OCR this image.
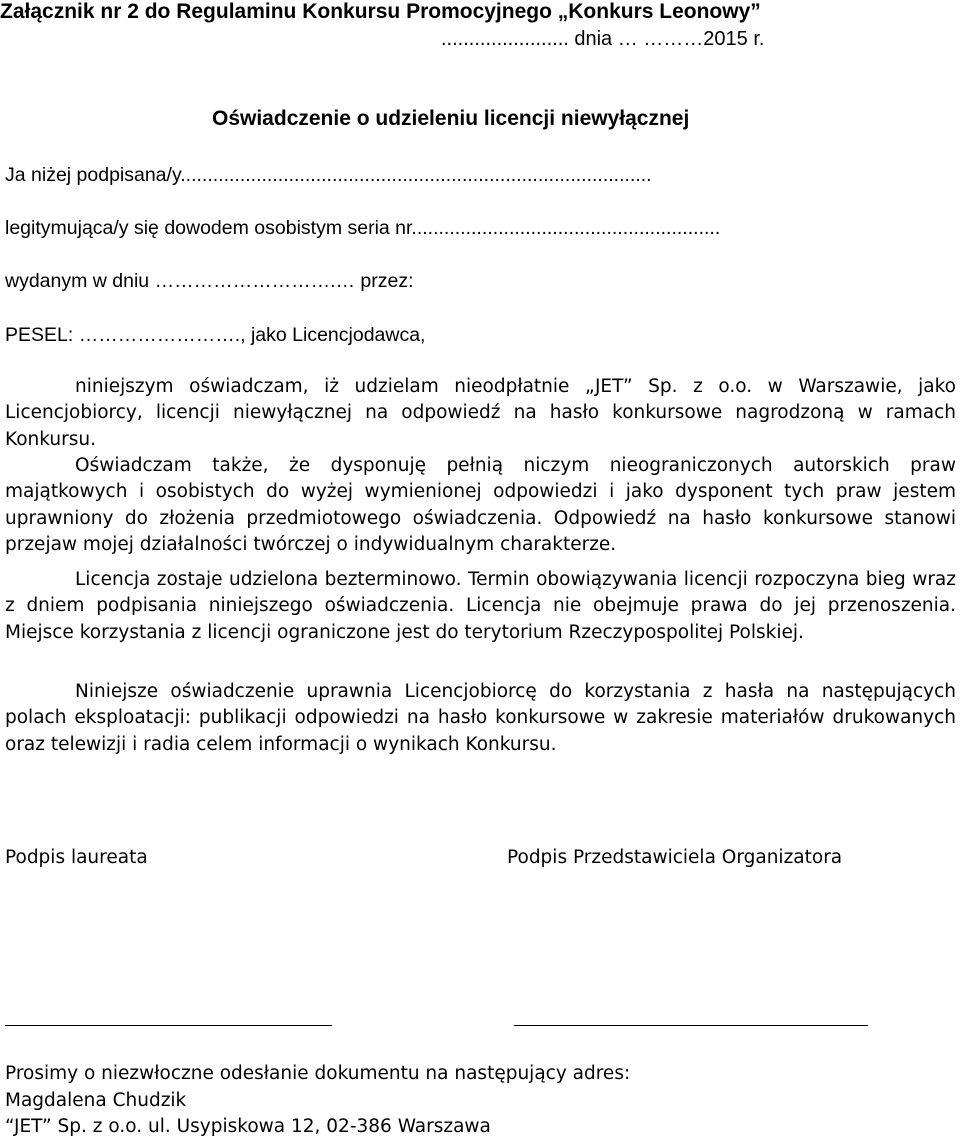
Załącznik nr 2 do Regulaminu Konkursu Promocyjnego „Konkurs Leonowy”
....................... dnia … ………2015 r.
Oświadczenie o udzieleniu licencji niewyłącznej
Ja niżej podpisana/y.......................................................................................
legitymująca/y się dowodem osobistym seria nr.........................................................
wydanym w dniu ……………………….… przez:
PESEL: ……………………., jako Licencjodawca,
niniejszym oświadczam, iż udzielam nieodpłatnie „JET” Sp. z o.o. w Warszawie, jako Licencjobiorcy, licencji niewyłącznej na odpowiedź na hasło konkursowe nagrodzoną w ramach Konkursu.
Oświadczam także, że dysponuję pełnią niczym nieograniczonych autorskich praw majątkowych i osobistych do wyżej wymienionej odpowiedzi i jako dysponent tych praw jestem uprawniony do złożenia przedmiotowego oświadczenia. Odpowiedź na hasło konkursowe stanowi przejaw mojej działalności twórczej o indywidualnym charakterze.
Licencja zostaje udzielona bezterminowo. Termin obowiązywania licencji rozpoczyna bieg wraz z dniem podpisania niniejszego oświadczenia. Licencja nie obejmuje prawa do jej przenoszenia. Miejsce korzystania z licencji ograniczone jest do terytorium Rzeczypospolitej Polskiej.
Niniejsze oświadczenie uprawnia Licencjobiorcę do korzystania z hasła na następujących polach eksploatacji: publikacji odpowiedzi na hasło konkursowe w zakresie materiałów drukowanych oraz telewizji i radia celem informacji o wynikach Konkursu.
Podpis laureata	Podpis Przedstawiciela Organizatora
Prosimy o niezwłoczne odesłanie dokumentu na następujący adres:
Magdalena Chudzik
“JET” Sp. z o.o. ul. Usypiskowa 12, 02-386 Warszawa
